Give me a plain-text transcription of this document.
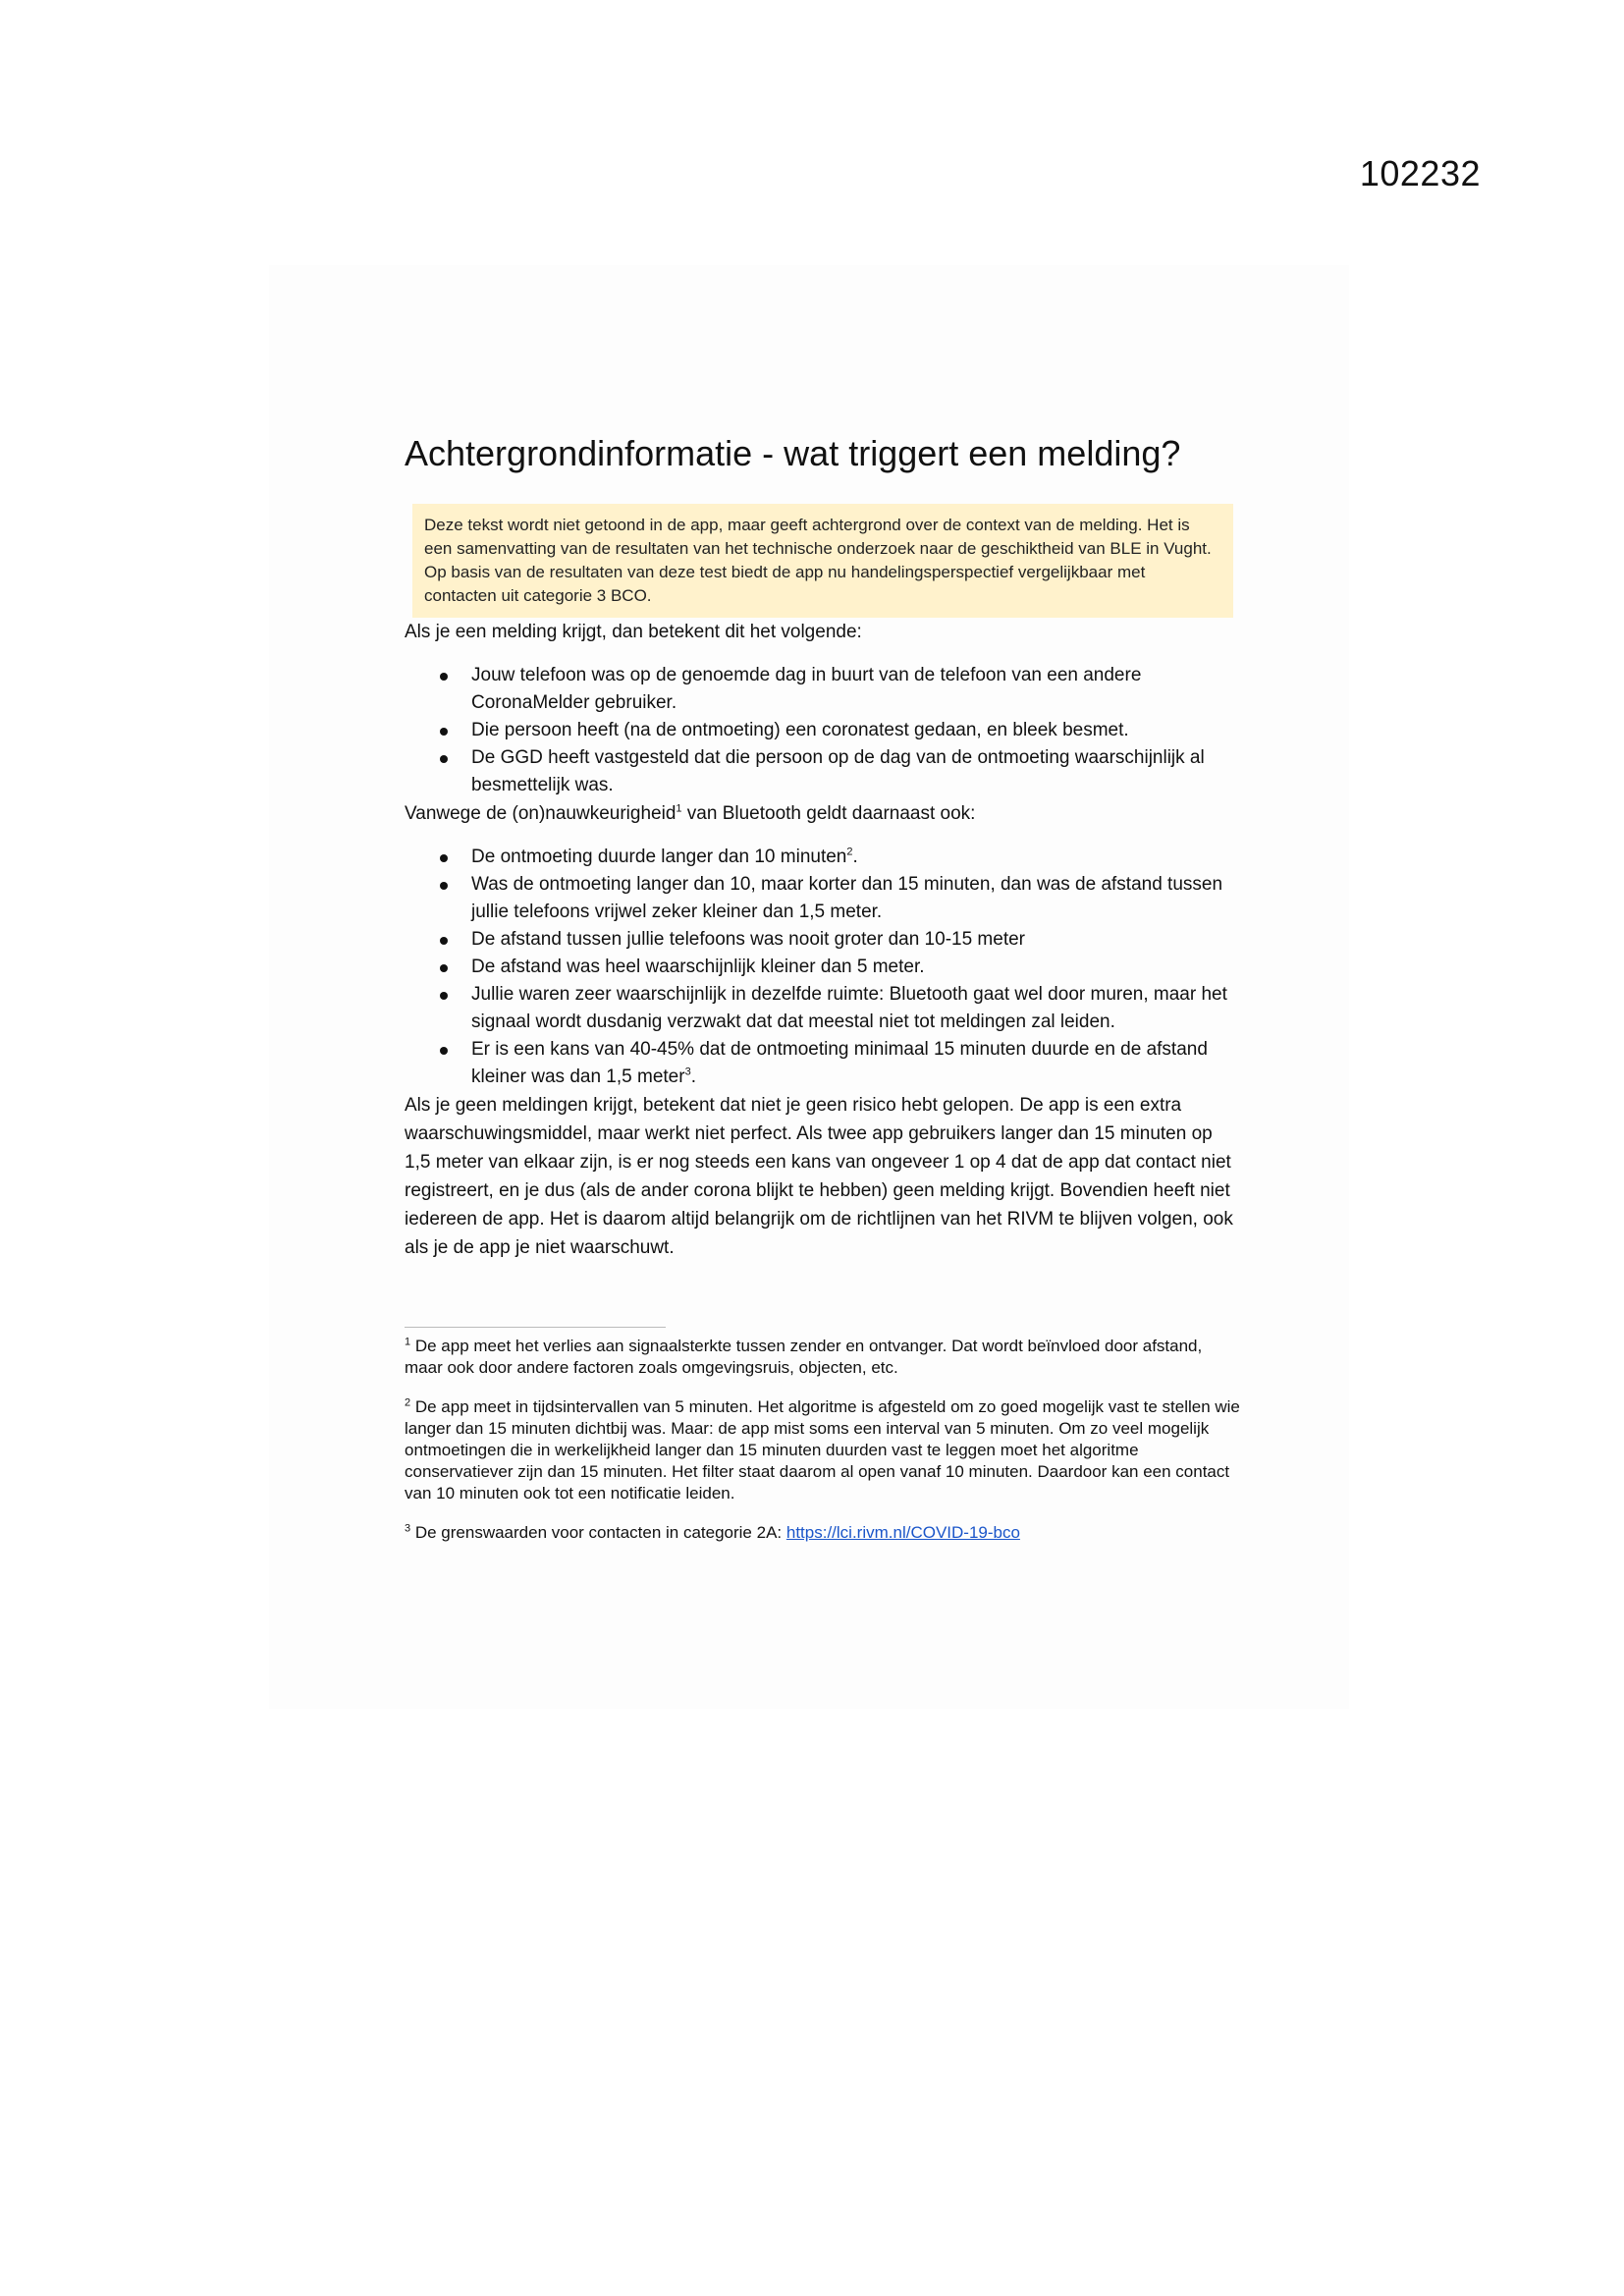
102232
Achtergrondinformatie - wat triggert een melding?
Deze tekst wordt niet getoond in de app, maar geeft achtergrond over de context van de melding. Het is een samenvatting van de resultaten van het technische onderzoek naar de geschiktheid van BLE in Vught. Op basis van de resultaten van deze test biedt de app nu handelingsperspectief vergelijkbaar met contacten uit categorie 3 BCO.

Als je een melding krijgt, dan betekent dit het volgende:

Jouw telefoon was op de genoemde dag in buurt van de telefoon van een andere CoronaMelder gebruiker.
Die persoon heeft (na de ontmoeting) een coronatest gedaan, en bleek besmet.
De GGD heeft vastgesteld dat die persoon op de dag van de ontmoeting waarschijnlijk al besmettelijk was.

Vanwege de (on)nauwkeurigheid$^1$ van Bluetooth geldt daarnaast ook:

De ontmoeting duurde langer dan 10 minuten$^2$.
Was de ontmoeting langer dan 10, maar korter dan 15 minuten, dan was de afstand tussen jullie telefoons vrijwel zeker kleiner dan 1,5 meter.
De afstand tussen jullie telefoons was nooit groter dan 10-15 meter
De afstand was heel waarschijnlijk kleiner dan 5 meter.
Jullie waren zeer waarschijnlijk in dezelfde ruimte: Bluetooth gaat wel door muren, maar het signaal wordt dusdanig verzwakt dat dat meestal niet tot meldingen zal leiden.
Er is een kans van 40-45% dat de ontmoeting minimaal 15 minuten duurde en de afstand kleiner was dan 1,5 meter$^3$.

Als je geen meldingen krijgt, betekent dat niet je geen risico hebt gelopen. De app is een extra waarschuwingsmiddel, maar werkt niet perfect. Als twee app gebruikers langer dan 15 minuten op 1,5 meter van elkaar zijn, is er nog steeds een kans van ongeveer 1 op 4 dat de app dat contact niet registreert, en je dus (als de ander corona blijkt te hebben) geen melding krijgt. Bovendien heeft niet iedereen de app. Het is daarom altijd belangrijk om de richtlijnen van het RIVM te blijven volgen, ook als je de app je niet waarschuwt.

$^1$ De app meet het verlies aan signaalsterkte tussen zender en ontvanger. Dat wordt beïnvloed door afstand, maar ook door andere factoren zoals omgevingsruis, objecten, etc.

$^2$ De app meet in tijdsintervallen van 5 minuten. Het algoritme is afgesteld om zo goed mogelijk vast te stellen wie langer dan 15 minuten dichtbij was. Maar: de app mist soms een interval van 5 minuten. Om zo veel mogelijk ontmoetingen die in werkelijkheid langer dan 15 minuten duurden vast te leggen moet het algoritme conservatiever zijn dan 15 minuten. Het filter staat daarom al open vanaf 10 minuten. Daardoor kan een contact van 10 minuten ook tot een notificatie leiden.

$^3$ De grenswaarden voor contacten in categorie 2A: https://lci.rivm.nl/COVID-19-bco
